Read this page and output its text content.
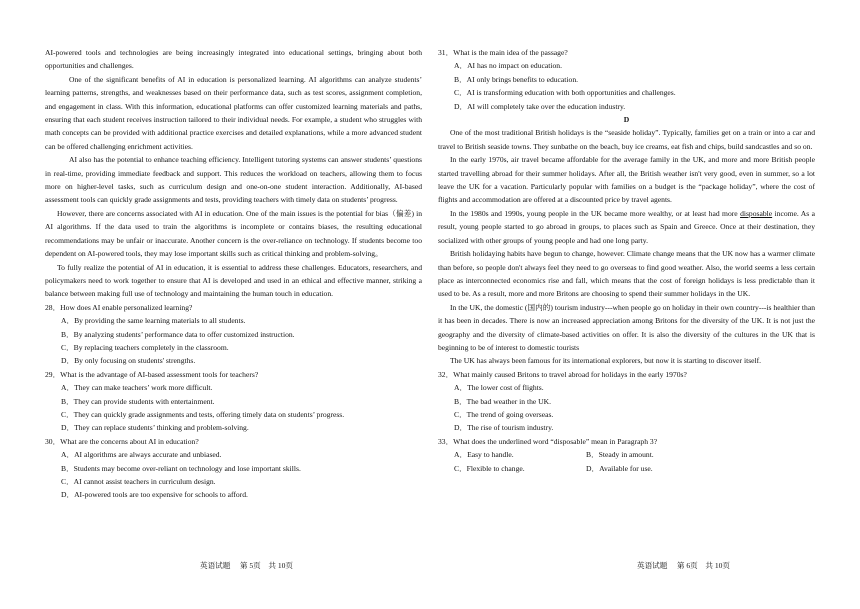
AI-powered tools and technologies are being increasingly integrated into educational settings, bringing about both opportunities and challenges.

One of the significant benefits of AI in education is personalized learning. AI algorithms can analyze students’ learning patterns, strengths, and weaknesses based on their performance data, such as test scores, assignment completion, and engagement in class. With this information, educational platforms can offer customized learning materials and paths, ensuring that each student receives instruction tailored to their individual needs. For example, a student who struggles with math concepts can be provided with additional practice exercises and detailed explanations, while a more advanced student can be offered challenging enrichment activities.

AI also has the potential to enhance teaching efficiency. Intelligent tutoring systems can answer students’ questions in real-time, providing immediate feedback and support. This reduces the workload on teachers, allowing them to focus more on higher-level tasks, such as curriculum design and one-on-one student interaction. Additionally, AI-based assessment tools can quickly grade assignments and tests, providing teachers with timely data on students’ progress.

However, there are concerns associated with AI in education. One of the main issues is the potential for bias（偏差) in AI algorithms. If the data used to train the algorithms is incomplete or contains biases, the resulting educational recommendations may be unfair or inaccurate. Another concern is the over-reliance on technology. If students become too dependent on AI-powered tools, they may lose important skills such as critical thinking and problem-solving。

To fully realize the potential of AI in education, it is essential to address these challenges. Educators, researchers, and policymakers need to work together to ensure that AI is developed and used in an ethical and effective manner, striking a balance between making full use of technology and maintaining the human touch in education.

28．How does AI enable personalized learning?

A．By providing the same learning materials to all students.

B．By analyzing students’ performance data to offer customized instruction.

C．By replacing teachers completely in the classroom.

D．By only focusing on students' strengths.

29．What is the advantage of AI-based assessment tools for teachers?

A．They can make teachers’ work more difficult.

B．They can provide students with entertainment.

C．They can quickly grade assignments and tests, offering timely data on students’ progress.

D．They can replace students’ thinking and problem-solving.

30．What are the concerns about AI in education?

A．AI algorithms are always accurate and unbiased.

B．Students may become over-reliant on technology and lose important skills.

C．AI cannot assist teachers in curriculum design.

D．AI-powered tools are too expensive for schools to afford.

31．What is the main idea of the passage?

A．AI has no impact on education.

B．AI only brings benefits to education.

C．AI is transforming education with both opportunities and challenges.

D．AI will completely take over the education industry.

D

One of the most traditional British holidays is the “seaside holiday”. Typically, families get on a train or into a car and travel to British seaside towns. They sunbathe on the beach, buy ice creams, eat fish and chips, build sandcastles and so on.

In the early 1970s, air travel became affordable for the average family in the UK, and more and more British people started travelling abroad for their summer holidays. After all, the British weather isn't very good, even in summer, so a lot leave the UK for a vacation. Particularly popular with families on a budget is the “package holiday”, where the cost of flights and accommodation are offered at a discounted price by travel agents.

In the 1980s and 1990s, young people in the UK became more wealthy, or at least had more disposable income. As a result, young people started to go abroad in groups, to places such as Spain and Greece. Once at their destination, they socialized with other groups of young people and had one long party.

British holidaying habits have begun to change, however. Climate change means that the UK now has a warmer climate than before, so people don't always feel they need to go overseas to find good weather. Also, the world seems a less certain place as interconnected economics rise and fall, which means that the cost of foreign holidays is less predictable than it used to be. As a result, more and more Britons are choosing to spend their summer holidays in the UK.

In the UK, the domestic (国内的) tourism industry---when people go on holiday in their own country---is healthier than it has been in decades. There is now an increased appreciation among Britons for the diversity of the UK. It is not just the geography and the diversity of climate-based activities on offer. It is also the diversity of the cultures in the UK that is beginning to be of interest to domestic tourists

The UK has always been famous for its international explorers, but now it is starting to discover itself.

32．What mainly caused Britons to travel abroad for holidays in the early 1970s?

A．The lower cost of flights.

B．The bad weather in the UK.

C．The trend of going overseas.

D．The rise of tourism industry.

33．What does the underlined word “disposable” mean in Paragraph 3?

A．Easy to handle.	B．Steady in amount.
C．Flexible to change.	D．Available for use.
英语试题　 第 5页　共 10页	英语试题　 第 6页　共 10页
